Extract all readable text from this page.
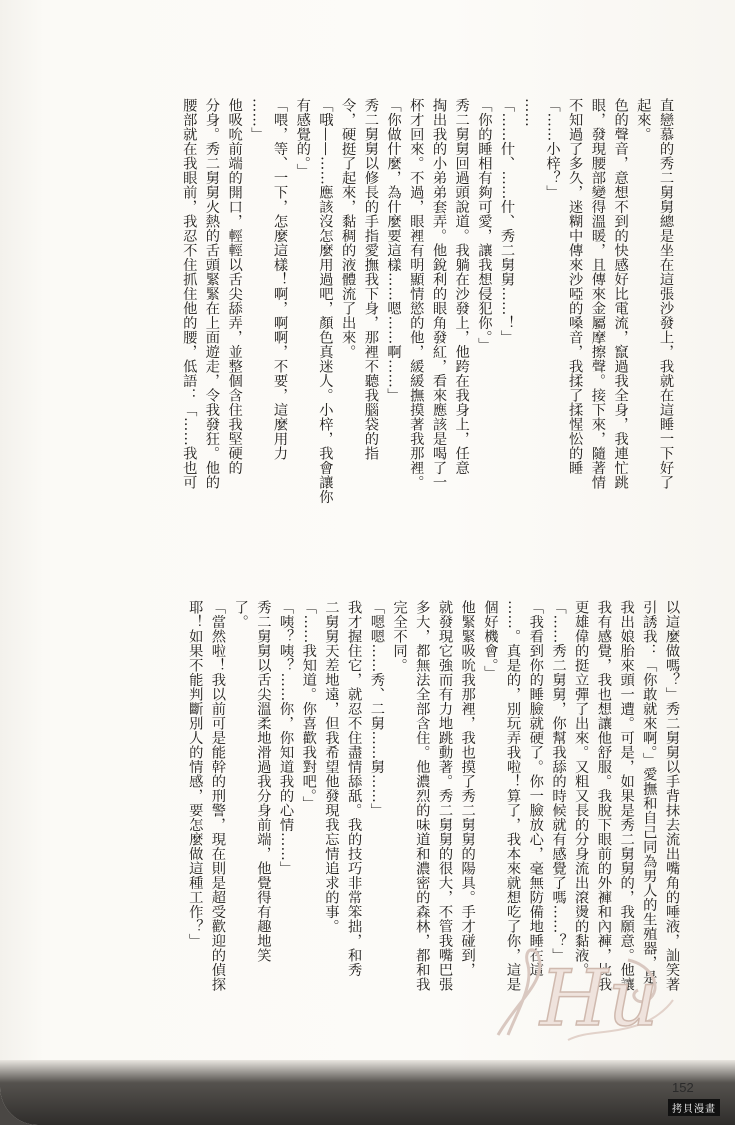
直戀慕的秀二舅舅總是坐在這張沙發上，我就在這睡一下好了
起來。
色的聲音，意想不到的快感好比電流，竄過我全身，我連忙跳
眼，發現腰部變得溫暖，且傳來金屬摩擦聲。接下來，隨著情
不知過了多久，迷糊中傳來沙啞的嗓音，我揉了揉惺忪的睡
「……小梓？」
……
「……什、……什、秀二舅舅……！」
「你的睡相有夠可愛，讓我想侵犯你。」
秀二舅舅回過頭說道。我躺在沙發上，他跨在我身上，任意
掏出我的小弟弟套弄。他銳利的眼角發紅，看來應該是喝了一
杯才回來。不過，眼裡有明顯情慾的他，緩緩撫摸著我那裡。
「你做什麼，為什麼要這樣……嗯……啊……」
秀二舅舅以修長的手指愛撫我下身，那裡不聽我腦袋的指
令，硬挺了起來，黏稠的液體流了出來。
「哦——……應該沒怎麼用過吧，顏色真迷人。小梓，我會讓你
有感覺的。」
「喂，等、一下，怎麼這樣！啊，啊啊，不要，這麼用力
……」
他吸吮前端的開口，輕輕以舌尖舔弄，並整個含住我堅硬的
分身。秀二舅舅火熱的舌頭緊緊在上面遊走，令我發狂。他的
腰部就在我眼前，我忍不住抓住他的腰，低語：「……我也可
以這麼做嗎？」秀二舅舅以手背抹去流出嘴角的唾液，訕笑著
引誘我：「你敢就來啊。」愛撫和自己同為男人的生殖器，是
我出娘胎來頭一遭。可是，如果是秀二舅舅的，我願意。他讓
我有感覺，我也想讓他舒服。我脫下眼前的外褲和內褲，比我
更雄偉的挺立彈了出來。又粗又長的分身流出滾燙的黏液。
「……秀二舅舅，你幫我舔的時候就有感覺了嗎……？」
「我看到你的睡臉就硬了。你一臉放心，毫無防備地睡在這
……。真是的，別玩弄我啦！算了，我本來就想吃了你，這是
個好機會。」
他緊緊吸吮我那裡，我也摸了秀二舅舅的陽具。手才碰到，
就發現它強而有力地跳動著。秀二舅舅的很大，不管我嘴巴張
多大，都無法全部含住。他濃烈的味道和濃密的森林，都和我
完全不同。
「嗯嗯……秀、二舅……舅……」
我才握住它，就忍不住盡情舔舐。我的技巧非常笨拙，和秀
二舅舅天差地遠，但我希望他發現我忘情追求的事。
「……我知道。你喜歡我對吧。」
「咦？咦？……你，你知道我的心情……」
秀二舅舅以舌尖溫柔地滑過我分身前端，他覺得有趣地笑
了。
「當然啦！我以前可是能幹的刑警，現在則是超受歡迎的偵探
耶！如果不能判斷別人的情感，要怎麼做這種工作？」
Hu
152
拷貝漫畫
